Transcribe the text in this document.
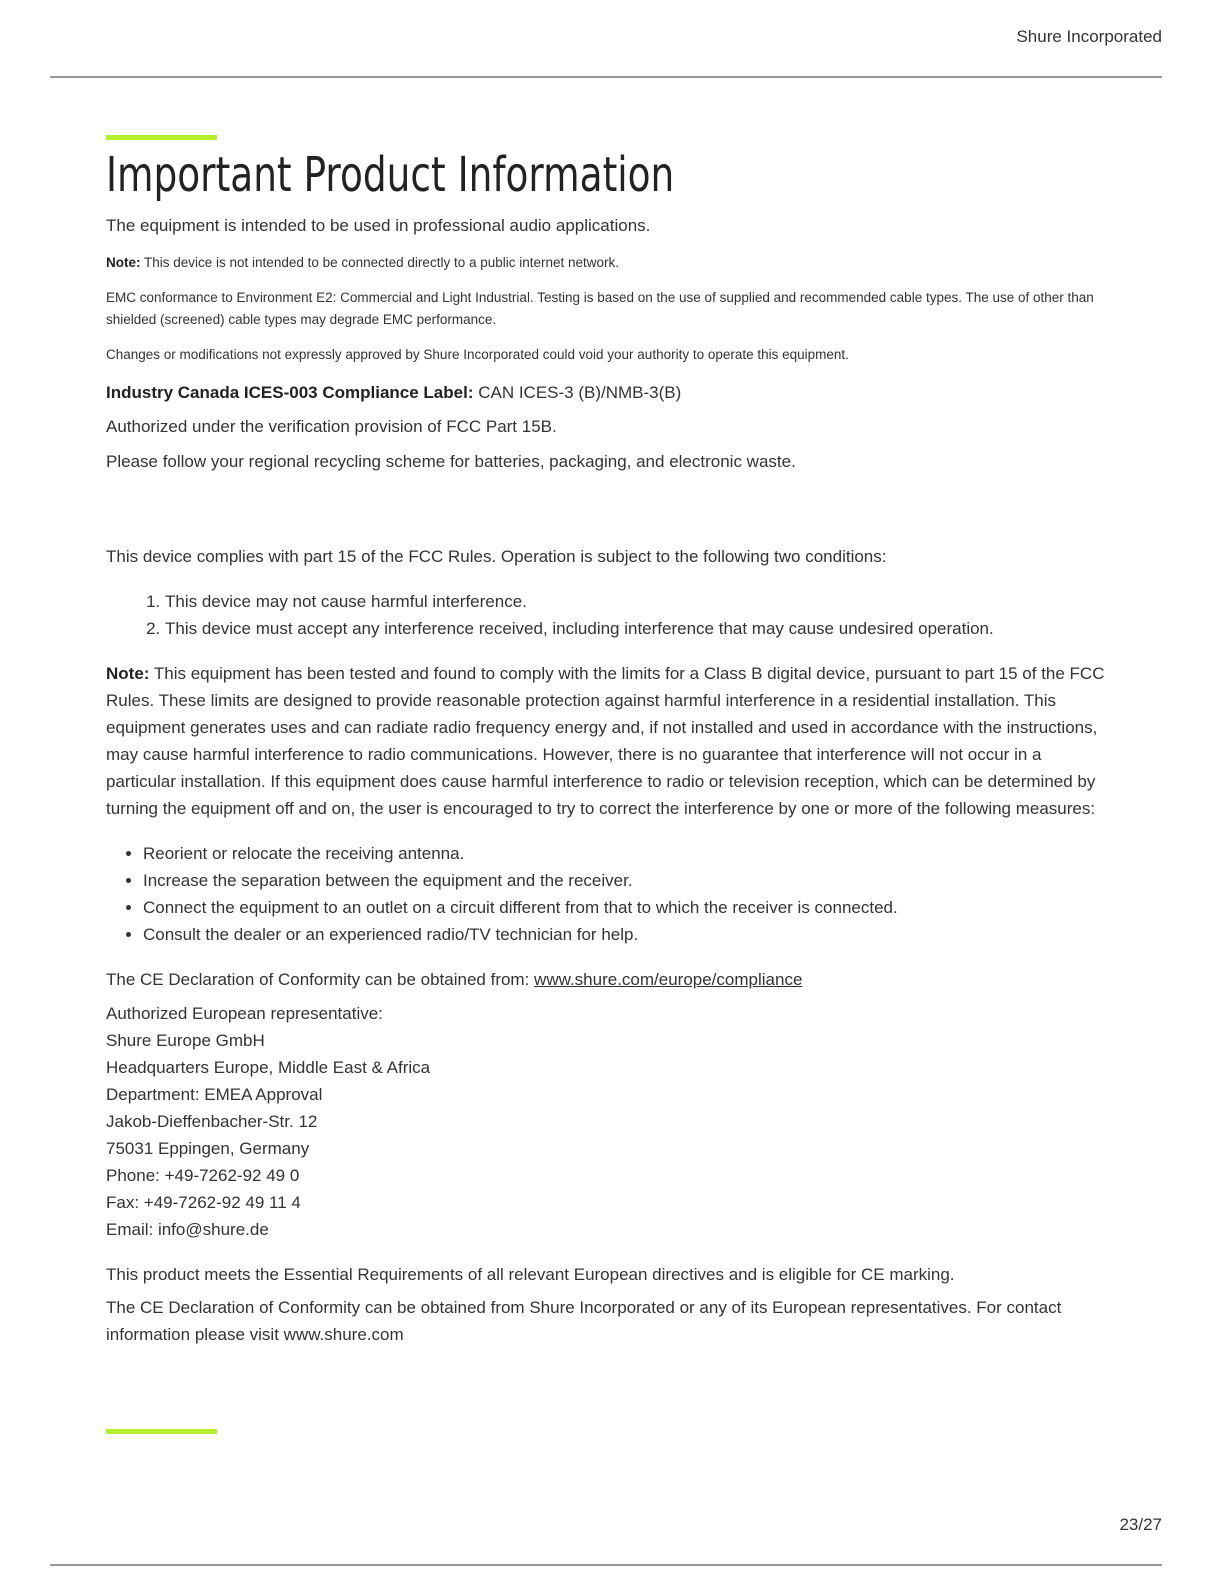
Shure Incorporated

Important Product Information

The equipment is intended to be used in professional audio applications.

Note: This device is not intended to be connected directly to a public internet network.

EMC conformance to Environment E2: Commercial and Light Industrial. Testing is based on the use of supplied and recommended cable types. The use of other than shielded (screened) cable types may degrade EMC performance.

Changes or modifications not expressly approved by Shure Incorporated could void your authority to operate this equipment.

Industry Canada ICES-003 Compliance Label: CAN ICES-3 (B)/NMB-3(B)

Authorized under the verification provision of FCC Part 15B.

Please follow your regional recycling scheme for batteries, packaging, and electronic waste.

This device complies with part 15 of the FCC Rules. Operation is subject to the following two conditions:

1. This device may not cause harmful interference.
2. This device must accept any interference received, including interference that may cause undesired operation.

Note: This equipment has been tested and found to comply with the limits for a Class B digital device, pursuant to part 15 of the FCC Rules. These limits are designed to provide reasonable protection against harmful interference in a residential installation. This equipment generates uses and can radiate radio frequency energy and, if not installed and used in accordance with the instructions, may cause harmful interference to radio communications. However, there is no guarantee that interference will not occur in a particular installation. If this equipment does cause harmful interference to radio or television reception, which can be determined by turning the equipment off and on, the user is encouraged to try to correct the interference by one or more of the following measures:

• Reorient or relocate the receiving antenna.
• Increase the separation between the equipment and the receiver.
• Connect the equipment to an outlet on a circuit different from that to which the receiver is connected.
• Consult the dealer or an experienced radio/TV technician for help.

The CE Declaration of Conformity can be obtained from: www.shure.com/europe/compliance

Authorized European representative:
Shure Europe GmbH
Headquarters Europe, Middle East & Africa
Department: EMEA Approval
Jakob-Dieffenbacher-Str. 12
75031 Eppingen, Germany
Phone: +49-7262-92 49 0
Fax: +49-7262-92 49 11 4
Email: info@shure.de

This product meets the Essential Requirements of all relevant European directives and is eligible for CE marking.

The CE Declaration of Conformity can be obtained from Shure Incorporated or any of its European representatives. For contact information please visit www.shure.com

23/27
